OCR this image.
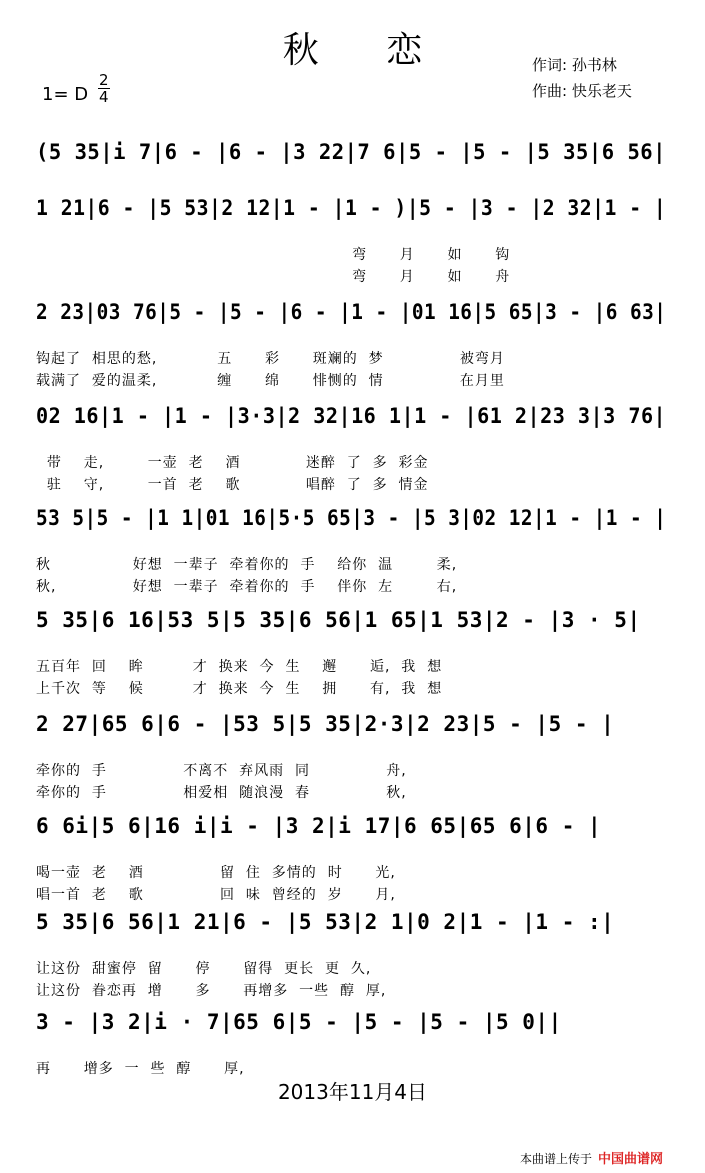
秋 恋	作词: 孙书林
作曲: 快乐老天
1= D $\frac{2}{4}$
(5 35|i 7|6 - |6 - |3 22|7 6|5 - |5 - |5 35|6 56|
1 21|6 - |5 53|2 12|1 - |1 - )|5 - |3 - |2 32|1 - |
弯      月      如      钩
弯      月      如      舟
2 23|03 76|5 - |5 - |6 - |1 - |01 16|5 65|3 - |6 63|
钩起了  相思的愁,           五      彩      斑斓的  梦              被弯月
载满了  爱的温柔,           缠      绵      悱恻的  情              在月里
02 16|1 - |1 - |3·3|2 32|16 1|1 - |61 2|23 3|3 76|
带    走,        一壶  老    酒            迷醉  了  多  彩金
驻    守,        一首  老    歌            唱醉  了  多  情金
53 5|5 - |1 1|01 16|5·5 65|3 - |5 3|02 12|1 - |1 - |
秋               好想  一辈子  牵着你的  手    给你  温        柔,
秋,              好想  一辈子  牵着你的  手    伴你  左        右,
5 35|6 16|53 5|5 35|6 56|1 65|1 53|2 - |3 · 5|
五百年  回    眸         才  换来  今  生    邂      逅,  我  想
上千次  等    候         才  换来  今  生    拥      有,  我  想
2 27|65 6|6 - |53 5|5 35|2·3|2 23|5 - |5 - |
牵你的  手              不离不  弃风雨  同              舟,
牵你的  手              相爱相  随浪漫  春              秋,
6 6i|5 6|16 i|i - |3 2|i 17|6 65|65 6|6 - |
喝一壶  老    酒              留  住  多情的  时      光,
唱一首  老    歌              回  味  曾经的  岁      月,
5 35|6 56|1 21|6 - |5 53|2 1|0 2|1 - |1 - :|
让这份  甜蜜停  留      停      留得  更长  更  久,
让这份  眷恋再  增      多      再增多  一些  醇  厚,
3 - |3 2|i · 7|65 6|5 - |5 - |5 - |5 0||
再      增多  一  些  醇      厚,
2013年11月4日
本曲谱上传于 中国曲谱网
